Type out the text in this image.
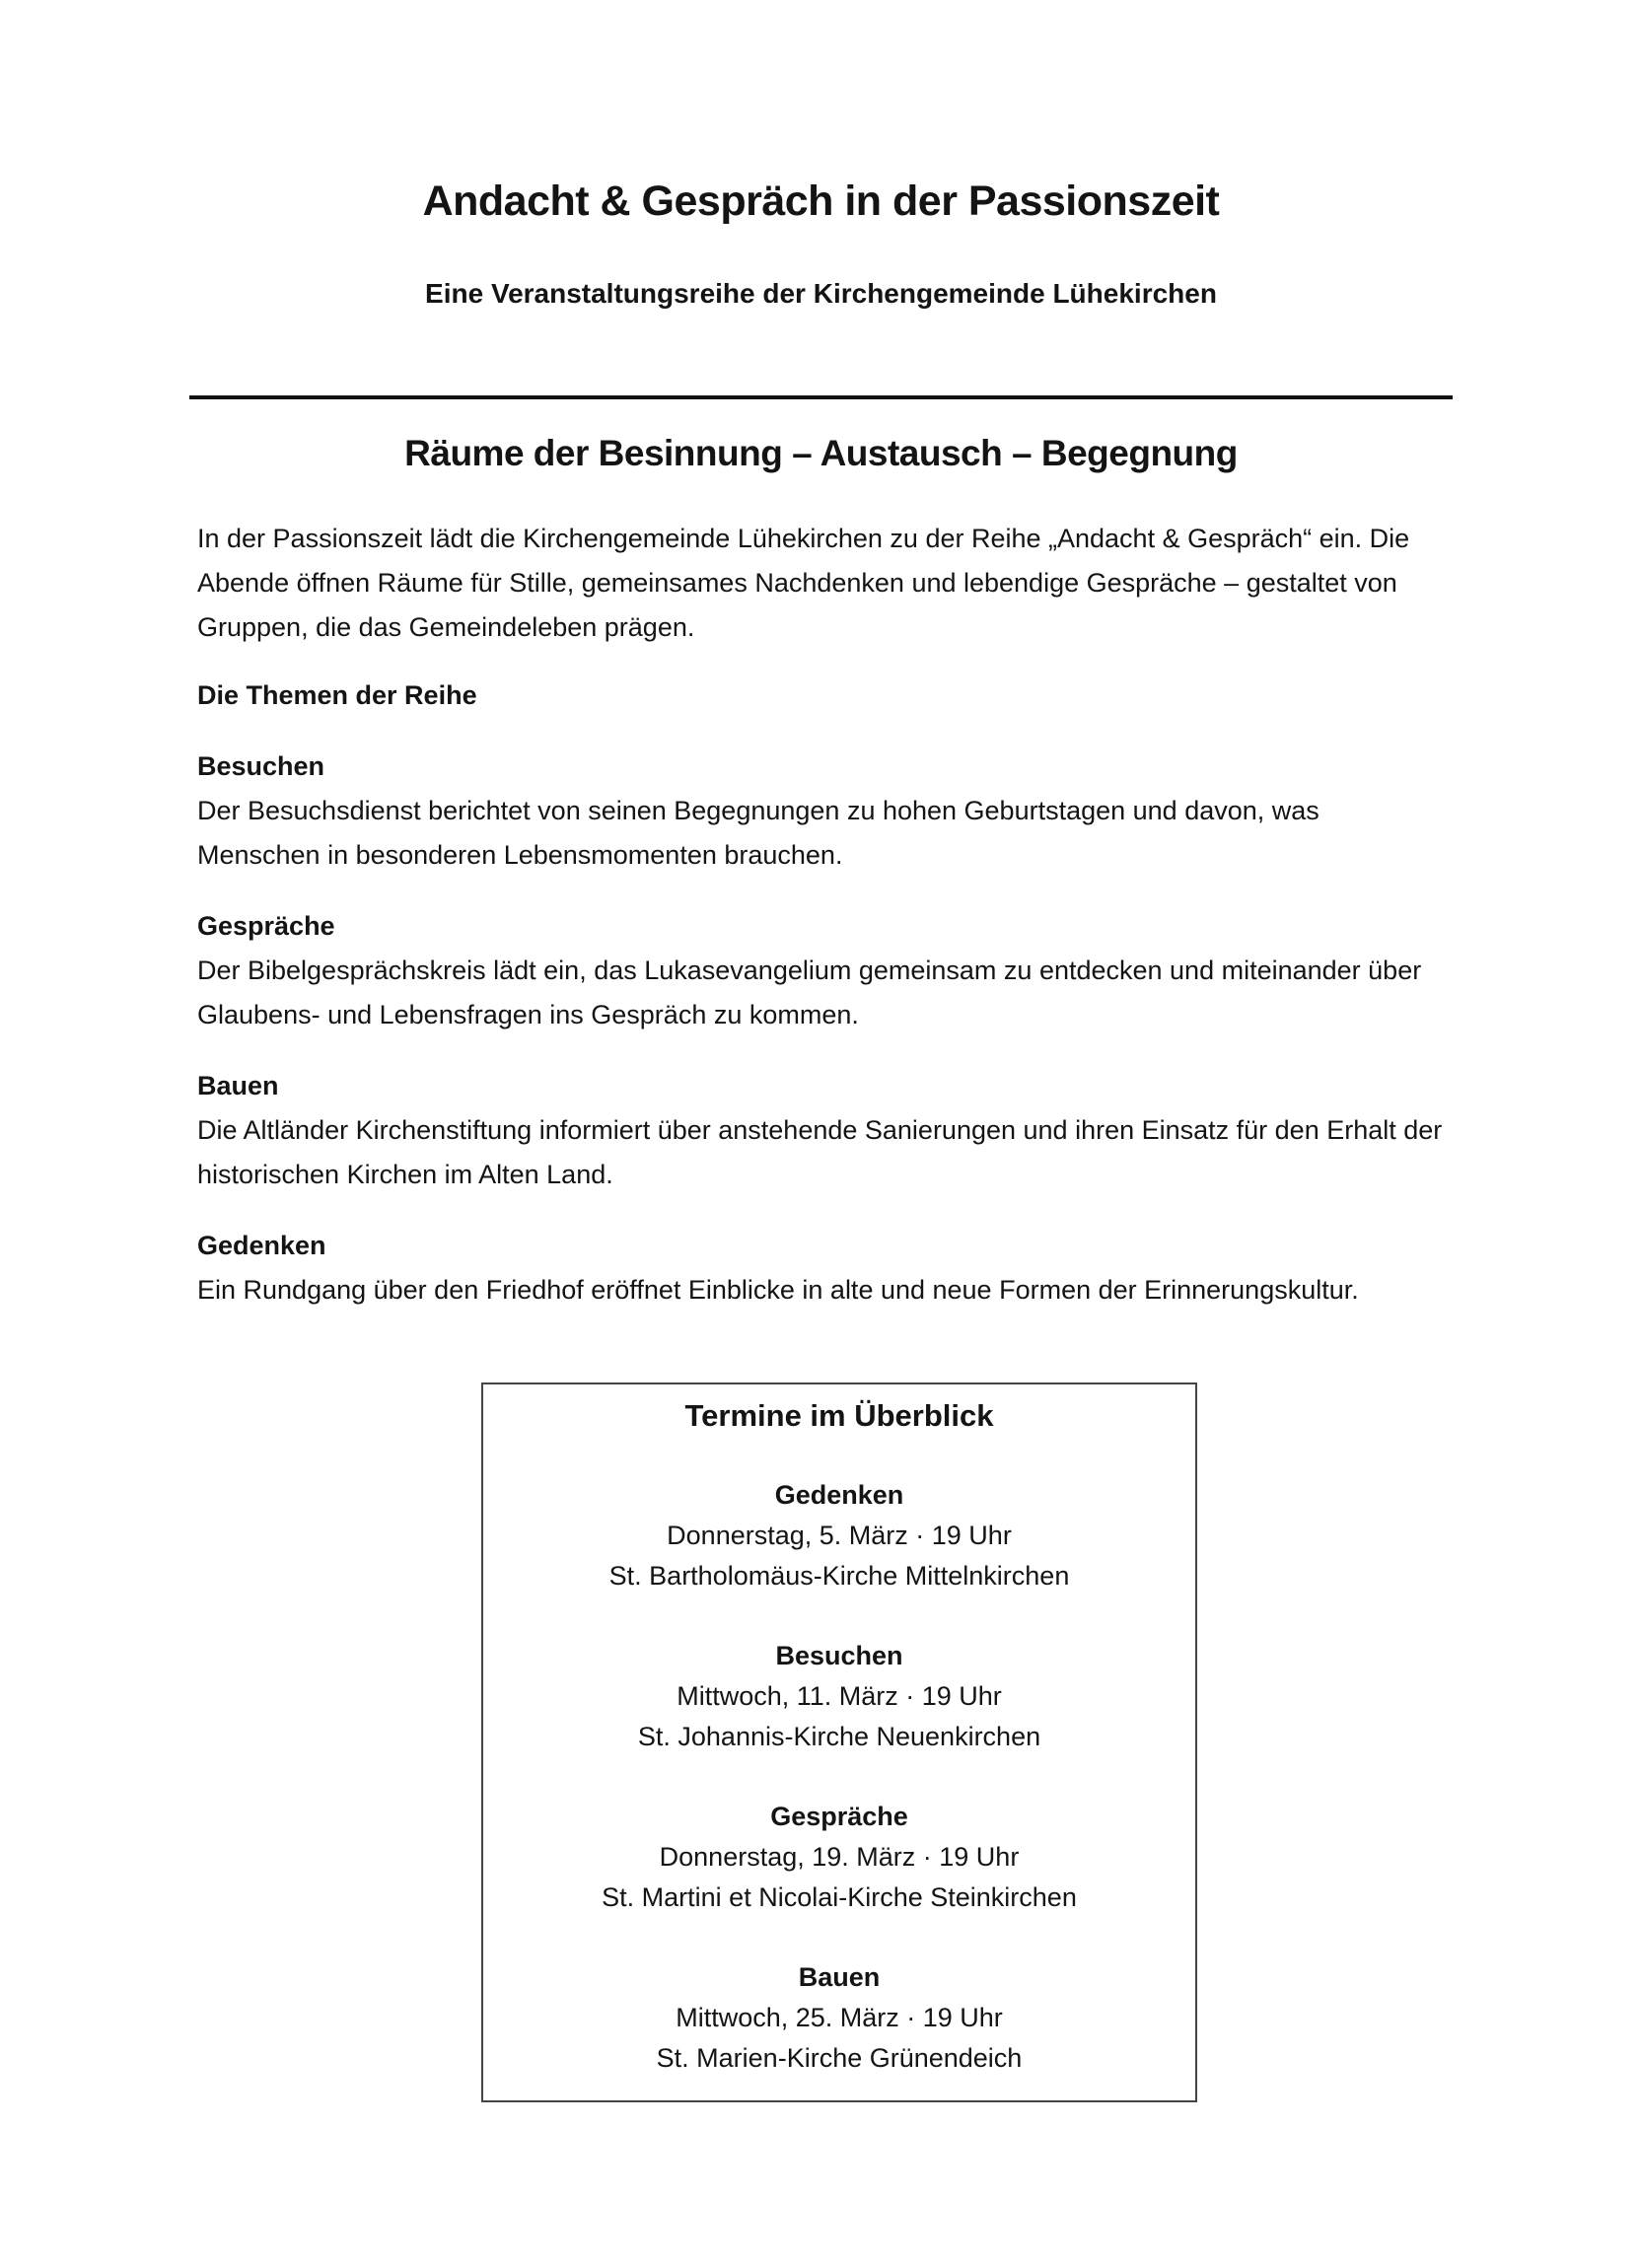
Andacht & Gespräch in der Passionszeit
Eine Veranstaltungsreihe der Kirchengemeinde Lühekirchen
Räume der Besinnung – Austausch – Begegnung

In der Passionszeit lädt die Kirchengemeinde Lühekirchen zu der Reihe „Andacht & Gespräch“ ein. Die Abende öffnen Räume für Stille, gemeinsames Nachdenken und lebendige Gespräche – gestaltet von Gruppen, die das Gemeindeleben prägen.

Die Themen der Reihe

Besuchen
Der Besuchsdienst berichtet von seinen Begegnungen zu hohen Geburtstagen und davon, was Menschen in besonderen Lebensmomenten brauchen.

Gespräche
Der Bibelgesprächskreis lädt ein, das Lukasevangelium gemeinsam zu entdecken und miteinander über Glaubens- und Lebensfragen ins Gespräch zu kommen.

Bauen
Die Altländer Kirchenstiftung informiert über anstehende Sanierungen und ihren Einsatz für den Erhalt der historischen Kirchen im Alten Land.

Gedenken
Ein Rundgang über den Friedhof eröffnet Einblicke in alte und neue Formen der Erinnerungskultur.

Termine im Überblick

Gedenken
Donnerstag, 5. März · 19 Uhr
St. Bartholomäus-Kirche Mittelnkirchen

Besuchen
Mittwoch, 11. März · 19 Uhr
St. Johannis-Kirche Neuenkirchen

Gespräche
Donnerstag, 19. März · 19 Uhr
St. Martini et Nicolai-Kirche Steinkirchen

Bauen
Mittwoch, 25. März · 19 Uhr
St. Marien-Kirche Grünendeich
